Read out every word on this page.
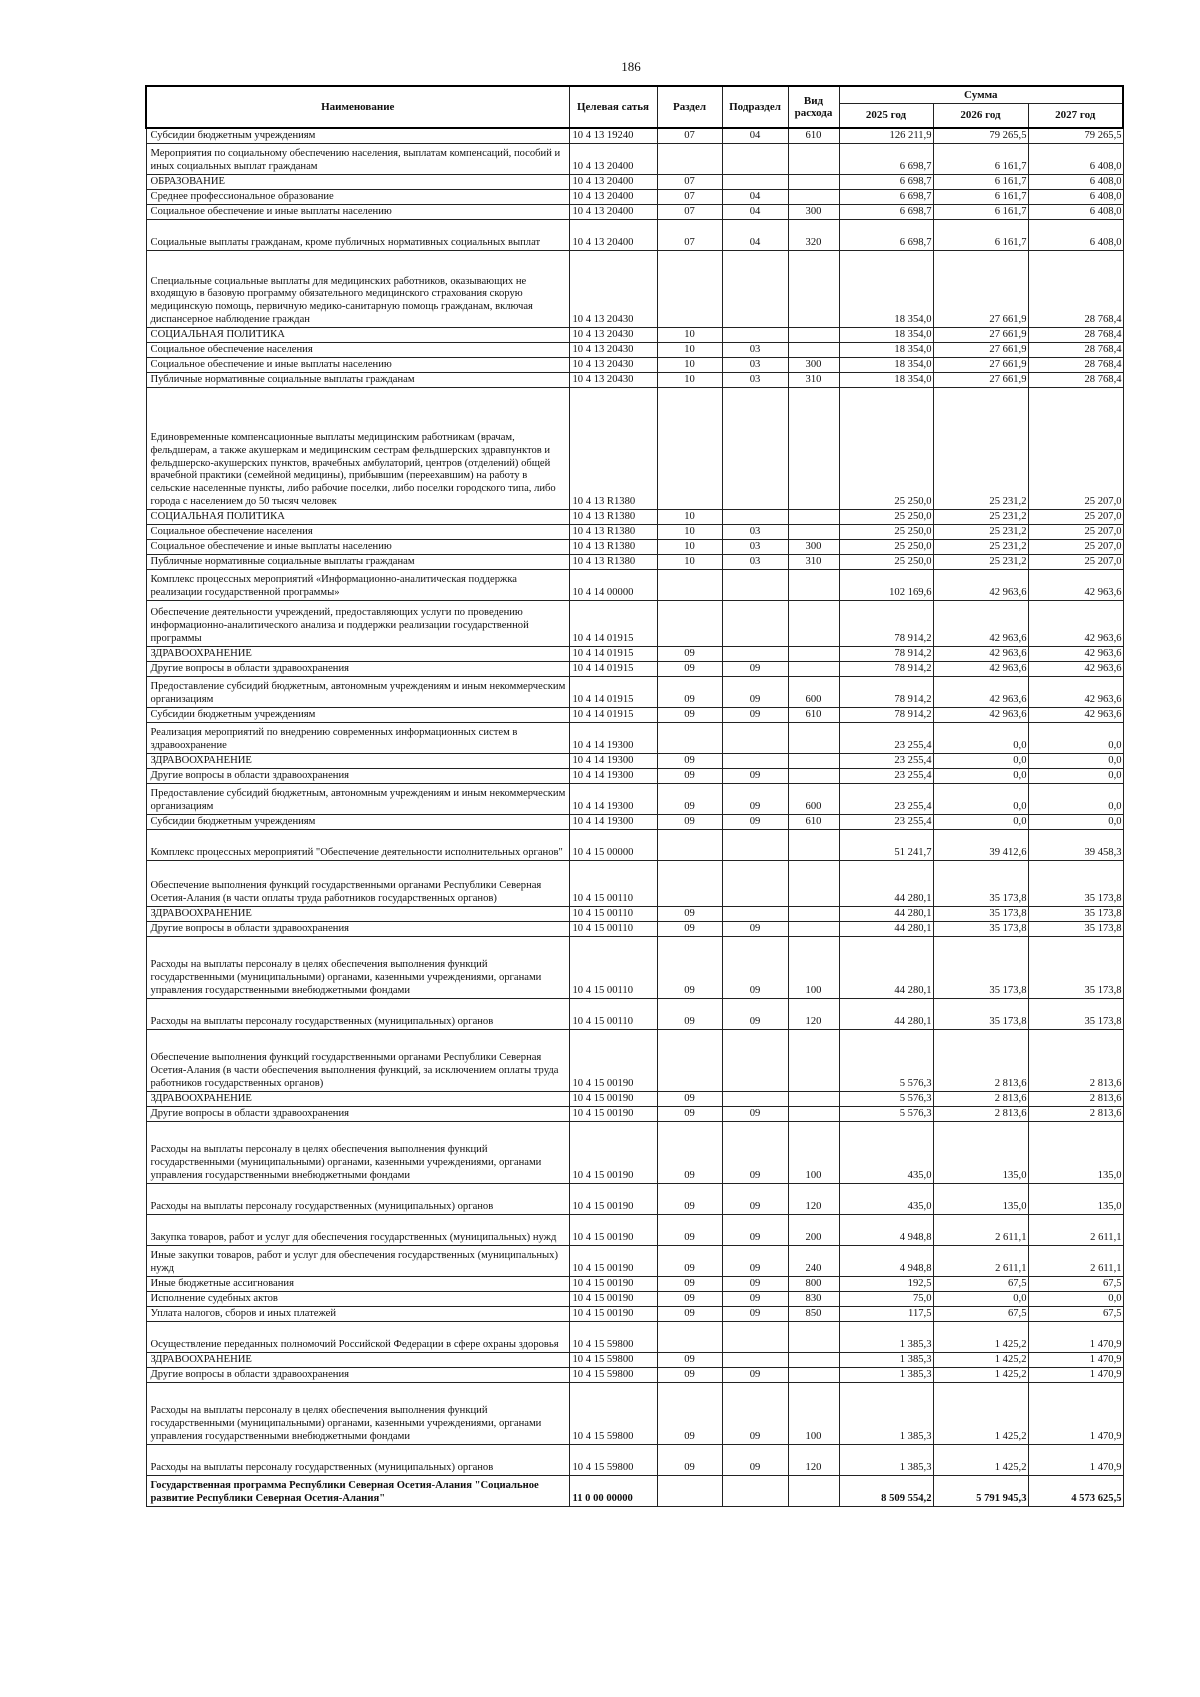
186
Наименование	Целевая сатья	Раздел	Подраздел	Вид расхода	Сумма		
					2025 год	2026 год	2027 год
Субсидии бюджетным учреждениям	10 4 13 19240	07	04	610	126 211,9	79 265,5	79 265,5
Мероприятия по социальному обеспечению населения, выплатам компенсаций, пособий и иных социальных выплат гражданам	10 4 13 20400				6 698,7	6 161,7	6 408,0
ОБРАЗОВАНИЕ	10 4 13 20400	07			6 698,7	6 161,7	6 408,0
Среднее профессиональное образование	10 4 13 20400	07	04		6 698,7	6 161,7	6 408,0
Социальное обеспечение и иные выплаты населению	10 4 13 20400	07	04	300	6 698,7	6 161,7	6 408,0
Социальные выплаты гражданам, кроме публичных нормативных социальных выплат	10 4 13 20400	07	04	320	6 698,7	6 161,7	6 408,0
Специальные социальные выплаты для медицинских работников, оказывающих не входящую в базовую программу обязательного медицинского страхования скорую медицинскую помощь, первичную медико-санитарную помощь гражданам, включая диспансерное наблюдение граждан	10 4 13 20430				18 354,0	27 661,9	28 768,4
СОЦИАЛЬНАЯ ПОЛИТИКА	10 4 13 20430	10			18 354,0	27 661,9	28 768,4
Социальное обеспечение населения	10 4 13 20430	10	03		18 354,0	27 661,9	28 768,4
Социальное обеспечение и иные выплаты населению	10 4 13 20430	10	03	300	18 354,0	27 661,9	28 768,4
Публичные нормативные социальные выплаты гражданам	10 4 13 20430	10	03	310	18 354,0	27 661,9	28 768,4
Единовременные компенсационные выплаты медицинским работникам (врачам, фельдшерам, а также акушеркам и медицинским сестрам фельдшерских здравпунктов и фельдшерско-акушерских пунктов, врачебных амбулаторий, центров (отделений) общей врачебной практики (семейной медицины), прибывшим (переехавшим) на работу в сельские населенные пункты, либо рабочие поселки, либо поселки городского типа, либо города с населением до 50 тысяч человек	10 4 13 R1380				25 250,0	25 231,2	25 207,0
СОЦИАЛЬНАЯ ПОЛИТИКА	10 4 13 R1380	10			25 250,0	25 231,2	25 207,0
Социальное обеспечение населения	10 4 13 R1380	10	03		25 250,0	25 231,2	25 207,0
Социальное обеспечение и иные выплаты населению	10 4 13 R1380	10	03	300	25 250,0	25 231,2	25 207,0
Публичные нормативные социальные выплаты гражданам	10 4 13 R1380	10	03	310	25 250,0	25 231,2	25 207,0
Комплекс процессных мероприятий «Информационно-аналитическая поддержка реализации государственной программы»	10 4 14 00000				102 169,6	42 963,6	42 963,6
Обеспечение деятельности учреждений, предоставляющих услуги по проведению информационно-аналитического анализа и поддержки реализации государственной программы	10 4 14 01915				78 914,2	42 963,6	42 963,6
ЗДРАВООХРАНЕНИЕ	10 4 14 01915	09			78 914,2	42 963,6	42 963,6
Другие вопросы в области здравоохранения	10 4 14 01915	09	09		78 914,2	42 963,6	42 963,6
Предоставление субсидий бюджетным, автономным учреждениям и иным некоммерческим организациям	10 4 14 01915	09	09	600	78 914,2	42 963,6	42 963,6
Субсидии бюджетным учреждениям	10 4 14 01915	09	09	610	78 914,2	42 963,6	42 963,6
Реализация мероприятий по внедрению современных информационных систем в здравоохранение	10 4 14 19300				23 255,4	0,0	0,0
ЗДРАВООХРАНЕНИЕ	10 4 14 19300	09			23 255,4	0,0	0,0
Другие вопросы в области здравоохранения	10 4 14 19300	09	09		23 255,4	0,0	0,0
Предоставление субсидий бюджетным, автономным учреждениям и иным некоммерческим организациям	10 4 14 19300	09	09	600	23 255,4	0,0	0,0
Субсидии бюджетным учреждениям	10 4 14 19300	09	09	610	23 255,4	0,0	0,0
Комплекс процессных мероприятий "Обеспечение деятельности исполнительных органов"	10 4 15 00000				51 241,7	39 412,6	39 458,3
Обеспечение выполнения функций государственными органами Республики Северная Осетия-Алания (в части оплаты труда работников государственных органов)	10 4 15 00110				44 280,1	35 173,8	35 173,8
ЗДРАВООХРАНЕНИЕ	10 4 15 00110	09			44 280,1	35 173,8	35 173,8
Другие вопросы в области здравоохранения	10 4 15 00110	09	09		44 280,1	35 173,8	35 173,8
Расходы на выплаты персоналу в целях обеспечения выполнения функций государственными (муниципальными) органами, казенными учреждениями, органами управления государственными внебюджетными фондами	10 4 15 00110	09	09	100	44 280,1	35 173,8	35 173,8
Расходы на выплаты персоналу государственных (муниципальных) органов	10 4 15 00110	09	09	120	44 280,1	35 173,8	35 173,8
Обеспечение выполнения функций государственными органами Республики Северная Осетия-Алания (в части обеспечения выполнения функций, за исключением оплаты труда работников государственных органов)	10 4 15 00190				5 576,3	2 813,6	2 813,6
ЗДРАВООХРАНЕНИЕ	10 4 15 00190	09			5 576,3	2 813,6	2 813,6
Другие вопросы в области здравоохранения	10 4 15 00190	09	09		5 576,3	2 813,6	2 813,6
Расходы на выплаты персоналу в целях обеспечения выполнения функций государственными (муниципальными) органами, казенными учреждениями, органами управления государственными внебюджетными фондами	10 4 15 00190	09	09	100	435,0	135,0	135,0
Расходы на выплаты персоналу государственных (муниципальных) органов	10 4 15 00190	09	09	120	435,0	135,0	135,0
Закупка товаров, работ и услуг для обеспечения государственных (муниципальных) нужд	10 4 15 00190	09	09	200	4 948,8	2 611,1	2 611,1
Иные закупки товаров, работ и услуг для обеспечения государственных (муниципальных) нужд	10 4 15 00190	09	09	240	4 948,8	2 611,1	2 611,1
Иные бюджетные ассигнования	10 4 15 00190	09	09	800	192,5	67,5	67,5
Исполнение судебных актов	10 4 15 00190	09	09	830	75,0	0,0	0,0
Уплата налогов, сборов и иных платежей	10 4 15 00190	09	09	850	117,5	67,5	67,5
Осуществление переданных полномочий Российской Федерации в сфере охраны здоровья	10 4 15 59800				1 385,3	1 425,2	1 470,9
ЗДРАВООХРАНЕНИЕ	10 4 15 59800	09			1 385,3	1 425,2	1 470,9
Другие вопросы в области здравоохранения	10 4 15 59800	09	09		1 385,3	1 425,2	1 470,9
Расходы на выплаты персоналу в целях обеспечения выполнения функций государственными (муниципальными) органами, казенными учреждениями, органами управления государственными внебюджетными фондами	10 4 15 59800	09	09	100	1 385,3	1 425,2	1 470,9
Расходы на выплаты персоналу государственных (муниципальных) органов	10 4 15 59800	09	09	120	1 385,3	1 425,2	1 470,9
Государственная программа Республики Северная Осетия-Алания "Социальное развитие Республики Северная Осетия-Алания"	11 0 00 00000				8 509 554,2	5 791 945,3	4 573 625,5
